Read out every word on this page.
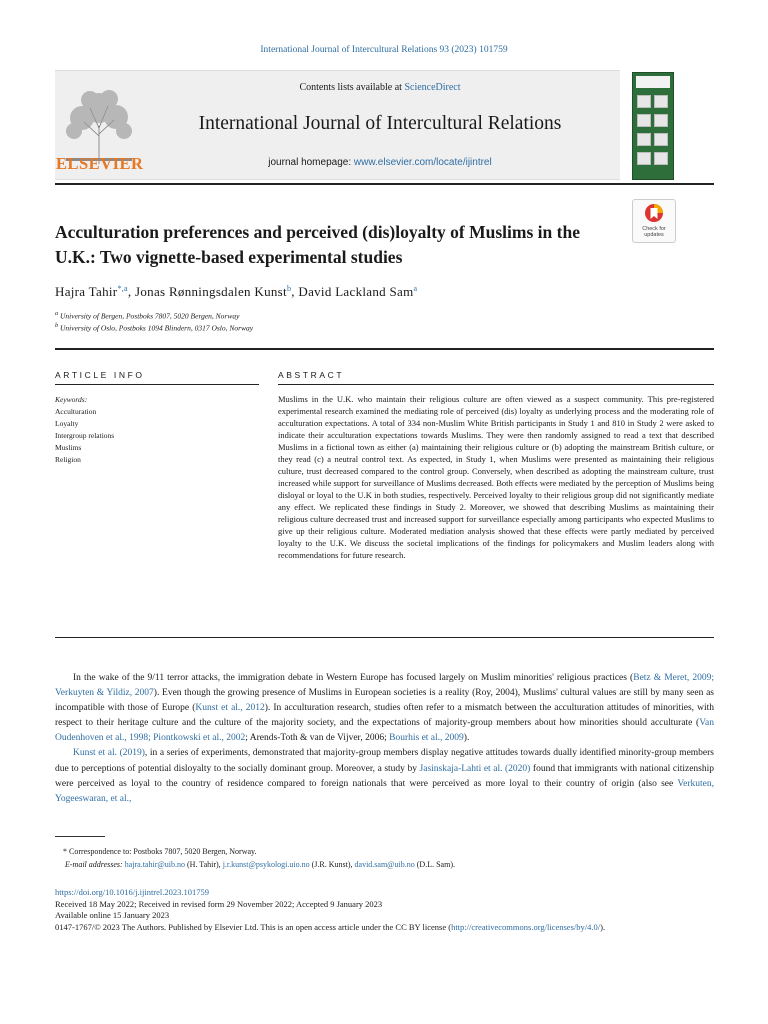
International Journal of Intercultural Relations 93 (2023) 101759
ELSEVIER
Contents lists available at ScienceDirect
International Journal of Intercultural Relations
journal homepage: www.elsevier.com/locate/ijintrel
Check for
updates
Acculturation preferences and perceived (dis)loyalty of Muslims in the U.K.: Two vignette-based experimental studies
Hajra Tahir$^{*,a}$, Jonas Rønningsdalen Kunst$^b$, David Lackland Sam$^a$
$^a$ University of Bergen, Postboks 7807, 5020 Bergen, Norway
$^b$ University of Oslo, Postboks 1094 Blindern, 0317 Oslo, Norway
ARTICLE INFO
Keywords:
Acculturation
Loyalty
Intergroup relations
Muslims
Religion
ABSTRACT
Muslims in the U.K. who maintain their religious culture are often viewed as a suspect community. This pre-registered experimental research examined the mediating role of perceived (dis) loyalty as underlying process and the moderating role of acculturation expectations. A total of 334 non-Muslim White British participants in Study 1 and 810 in Study 2 were asked to indicate their acculturation expectations towards Muslims. They were then randomly assigned to read a text that described Muslims in a fictional town as either (a) maintaining their religious culture or (b) adopting the mainstream British culture, or they read (c) a neutral control text. As expected, in Study 1, when Muslims were presented as maintaining their religious culture, trust decreased compared to the control group. Conversely, when described as adopting the mainstream culture, trust increased while support for surveillance of Muslims decreased. Both effects were mediated by the perception of Muslims being disloyal or loyal to the U.K in both studies, respectively. Perceived loyalty to their religious group did not significantly mediate any effect. We replicated these findings in Study 2. Moreover, we showed that describing Muslims as maintaining their religious culture decreased trust and increased support for surveillance especially among participants who expected Muslims to give up their religious culture. Moderated mediation analysis showed that these effects were partly mediated by perceived loyalty to the U.K. We discuss the societal implications of the findings for policymakers and Muslim leaders along with recommendations for future research.

In the wake of the 9/11 terror attacks, the immigration debate in Western Europe has focused largely on Muslim minorities' religious practices (Betz & Meret, 2009; Verkuyten & Yildiz, 2007). Even though the growing presence of Muslims in European societies is a reality (Roy, 2004), Muslims' cultural values are still by many seen as incompatible with those of Europe (Kunst et al., 2012). In acculturation research, studies often refer to a mismatch between the acculturation attitudes of minorities, with respect to their heritage culture and the culture of the majority society, and the expectations of majority-group members about how minorities should acculturate (Van Oudenhoven et al., 1998; Piontkowski et al., 2002; Arends-Toth & van de Vijver, 2006; Bourhis et al., 2009).

Kunst et al. (2019), in a series of experiments, demonstrated that majority-group members display negative attitudes towards dually identified minority-group members due to perceptions of potential disloyalty to the socially dominant group. Moreover, a study by Jasinskaja-Lahti et al. (2020) found that immigrants with national citizenship were perceived as loyal to the country of residence compared to foreign nationals that were perceived as more loyal to their country of origin (also see Verkuten, Yogeeswaran, et al.,

* Correspondence to: Postboks 7807, 5020 Bergen, Norway.
E-mail addresses: hajra.tahir@uib.no (H. Tahir), j.r.kunst@psykologi.uio.no (J.R. Kunst), david.sam@uib.no (D.L. Sam).
https://doi.org/10.1016/j.ijintrel.2023.101759
Received 18 May 2022; Received in revised form 29 November 2022; Accepted 9 January 2023
Available online 15 January 2023
0147-1767/© 2023 The Authors. Published by Elsevier Ltd. This is an open access article under the CC BY license (http://creativecommons.org/licenses/by/4.0/).
